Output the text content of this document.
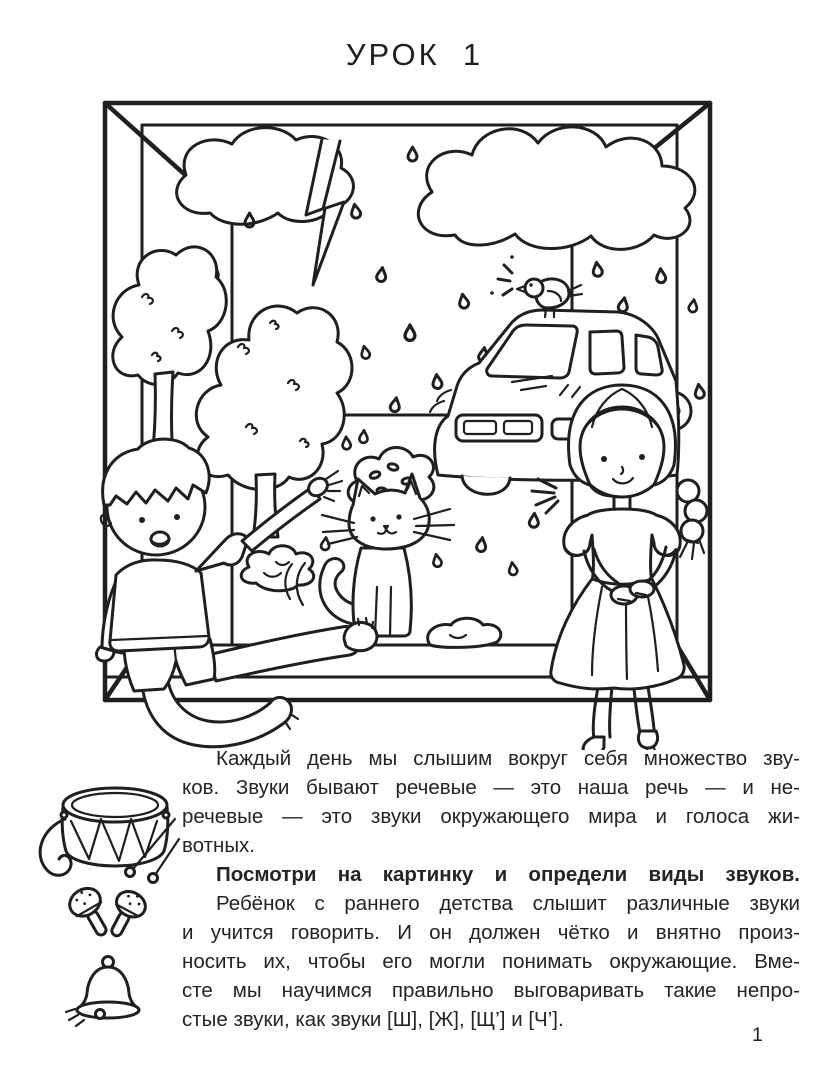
УРОК  1
Каждый день мы слышим вокруг себя множество зву-
ков. Звуки бывают речевые — это наша речь — и не-
речевые — это звуки окружающего мира и голоса жи-
вотных.
Посмотри на картинку и определи виды звуков.
Ребёнок с раннего детства слышит различные звуки
и учится говорить. И он должен чётко и внятно произ-
носить их, чтобы его могли понимать окружающие. Вме-
сте мы научимся правильно выговаривать такие непро-
стые звуки, как звуки [Ш], [Ж], [Щ’] и [Ч’].
1
